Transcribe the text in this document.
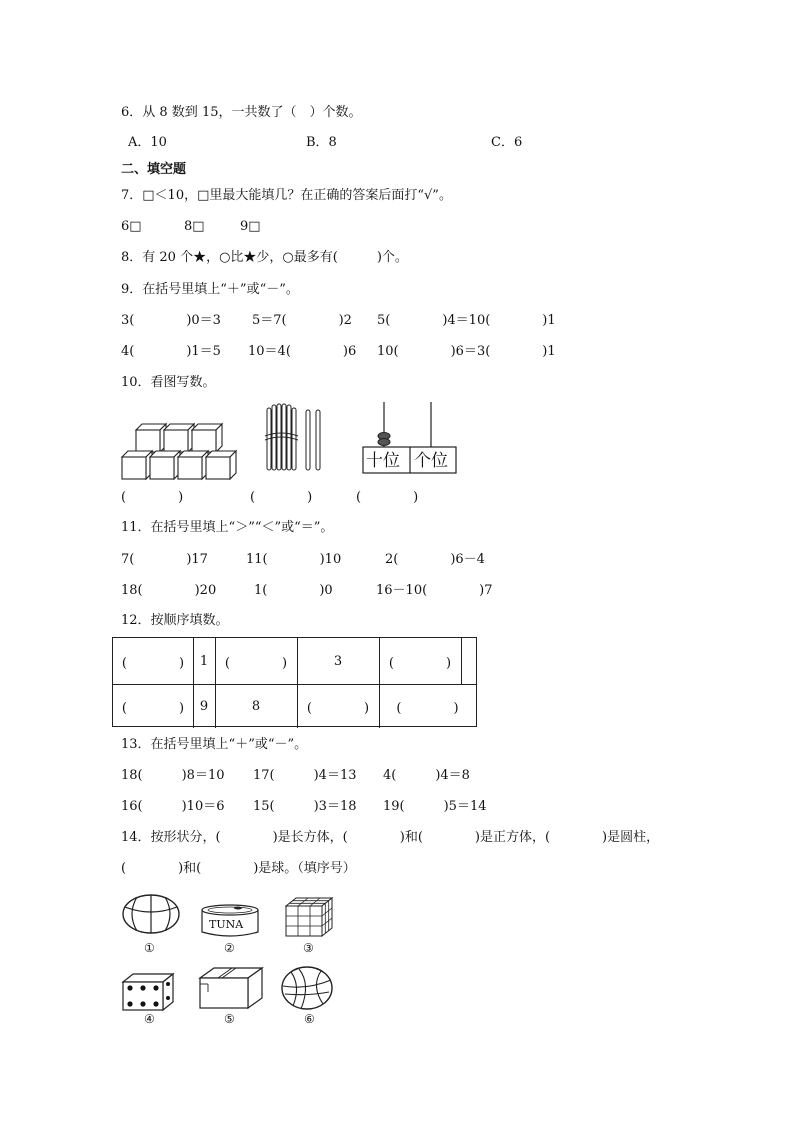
6．从 8 数到 15，一共数了（　）个数。
A．10	B．8	C．6
二、填空题
7．□＜10，□里最大能填几？在正确的答案后面打“√”。
6□	8□	9□
8．有 20 个★，○比★少，○最多有(　　　)个。
9．在括号里填上“＋”或“－”。
3(　　　　)0＝3 5＝7(　　　　)2 5(　　　　)4＝10(　　　　)1
4(　　　　)1＝5 10＝4(　　　　)6 10(　　　　)6＝3(　　　　)1
10．看图写数。
十位 个位
(　　　　)	(　　　　)	(　　　　)
11．在括号里填上“＞”“＜”或“＝”。
7(　　　　)17	11(　　　　)10	2(　　　　)6－4
18(　　　　)20	1(　　　　)0	16－10(　　　　)7
12．按顺序填数。
(　　　　)	1	(　　　　)	3	(　　　　)
(　　　　)	9	8	(　　　　)	(　　　　)
13．在括号里填上“＋”或“－”。
18(　　　)8＝10 17(　　　)4＝13 4(　　　)4＝8
16(　　　)10＝6 15(　　　)3＝18 19(　　　)5＝14
14．按形状分，(　　　　)是长方体，(　　　　)和(　　　　)是正方体，(　　　　)是圆柱，
(　　　　)和(　　　　)是球。（填序号）
①
TUNA
②	③
④	⑤	⑥
